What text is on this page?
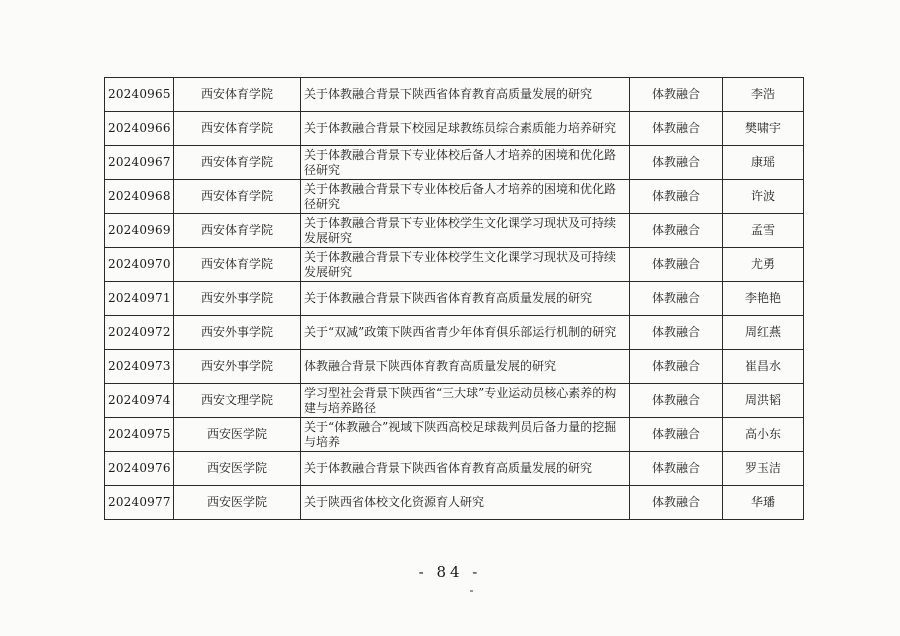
20240965	西安体育学院	关于体教融合背景下陕西省体育教育高质量发展的研究	体教融合	李浩
20240966	西安体育学院	关于体教融合背景下校园足球教练员综合素质能力培养研究	体教融合	樊啸宇
20240967	西安体育学院	关于体教融合背景下专业体校后备人才培养的困境和优化路径研究	体教融合	康瑶
20240968	西安体育学院	关于体教融合背景下专业体校后备人才培养的困境和优化路径研究	体教融合	许波
20240969	西安体育学院	关于体教融合背景下专业体校学生文化课学习现状及可持续发展研究	体教融合	孟雪
20240970	西安体育学院	关于体教融合背景下专业体校学生文化课学习现状及可持续发展研究	体教融合	尤勇
20240971	西安外事学院	关于体教融合背景下陕西省体育教育高质量发展的研究	体教融合	李艳艳
20240972	西安外事学院	关于“双减”政策下陕西省青少年体育俱乐部运行机制的研究	体教融合	周红燕
20240973	西安外事学院	体教融合背景下陕西体育教育高质量发展的研究	体教融合	崔昌水
20240974	西安文理学院	学习型社会背景下陕西省“三大球”专业运动员核心素养的构建与培养路径	体教融合	周洪韬
20240975	西安医学院	关于“体教融合”视域下陕西高校足球裁判员后备力量的挖掘与培养	体教融合	高小东
20240976	西安医学院	关于体教融合背景下陕西省体育教育高质量发展的研究	体教融合	罗玉洁
20240977	西安医学院	关于陕西省体校文化资源育人研究	体教融合	华璠
- 84 -
